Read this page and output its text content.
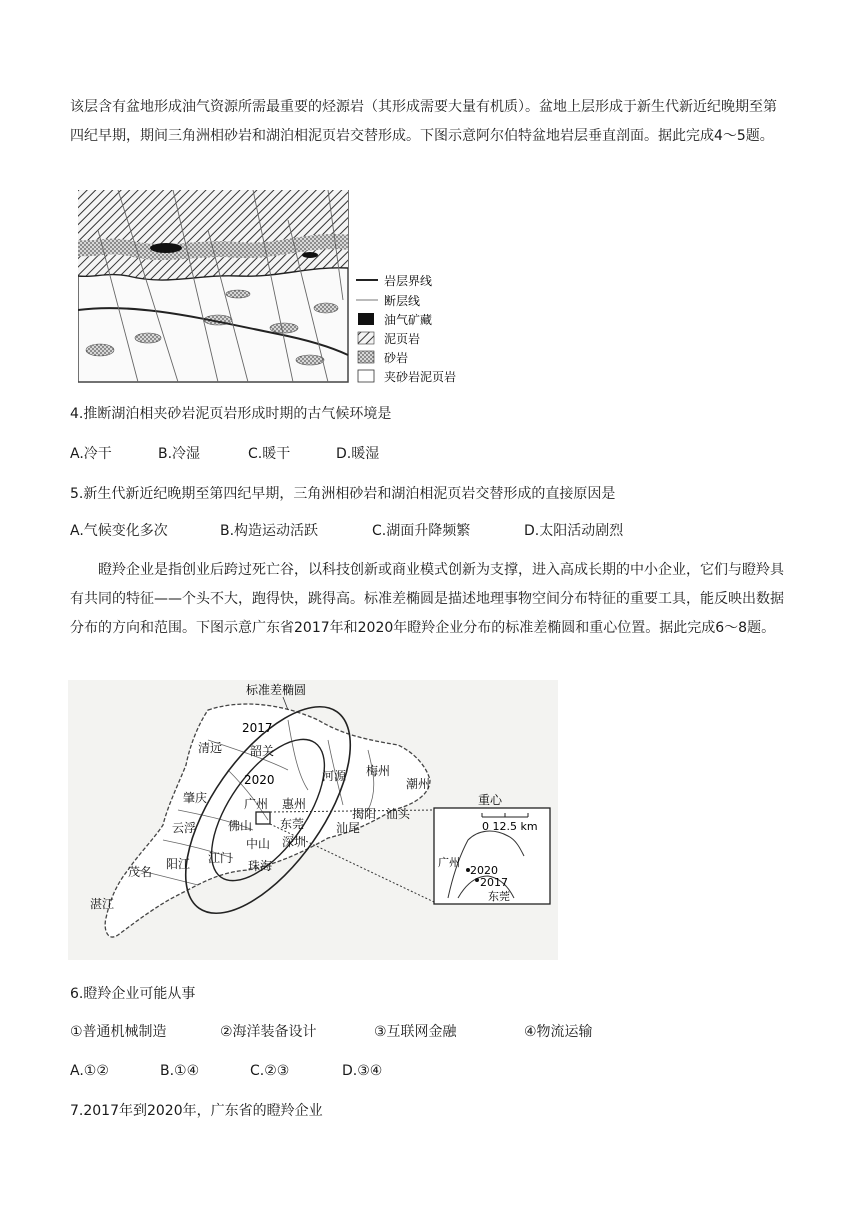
该层含有盆地形成油气资源所需最重要的烃源岩（其形成需要大量有机质）。盆地上层形成于新生代新近纪晚期至第四纪早期，期间三角洲相砂岩和湖泊相泥页岩交替形成。下图示意阿尔伯特盆地岩层垂直剖面。据此完成4～5题。

岩层界线
断层线
油气矿藏
泥页岩
砂岩
夹砂岩泥页岩

4.推断湖泊相夹砂岩泥页岩形成时期的古气候环境是

A.冷干	B.冷湿	C.暖干	D.暖湿

5.新生代新近纪晚期至第四纪早期，三角洲相砂岩和湖泊相泥页岩交替形成的直接原因是

A.气候变化多次	B.构造运动活跃	C.湖面升降频繁	D.太阳活动剧烈

瞪羚企业是指创业后跨过死亡谷，以科技创新或商业模式创新为支撑，进入高成长期的中小企业，它们与瞪羚具有共同的特征——个头不大，跑得快，跳得高。标准差椭圆是描述地理事物空间分布特征的重要工具，能反映出数据分布的方向和范围。下图示意广东省2017年和2020年瞪羚企业分布的标准差椭圆和重心位置。据此完成6～8题。

标准差椭圆
2017
2020
清远 韶关
河源 梅州
潮州
肇庆	广州 惠州
揭阳 汕头
云浮	佛山 东莞	汕尾
深圳
中山
江门
珠海
阳江
茂名
湛江
重心
0 12.5 km
广州
2020
2017
东莞

6.瞪羚企业可能从事

①普通机械制造	②海洋装备设计	③互联网金融	④物流运输
A.①②	B.①④	C.②③	D.③④

7.2017年到2020年，广东省的瞪羚企业
